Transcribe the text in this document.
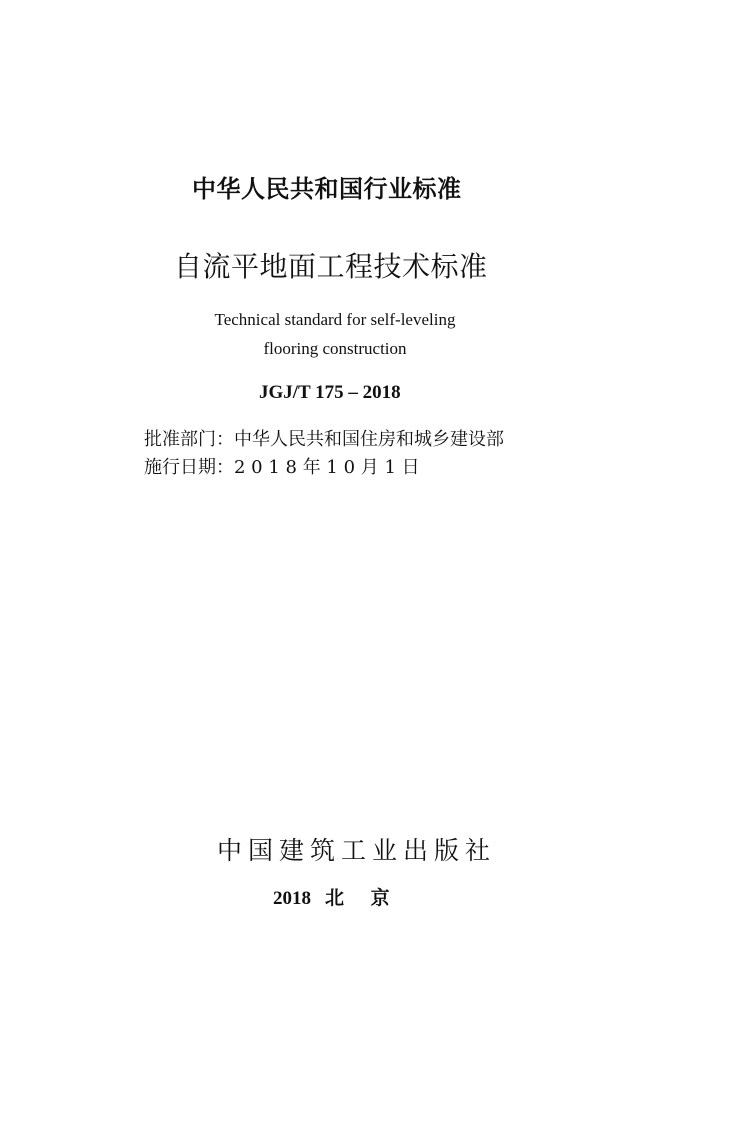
中华人民共和国行业标准
自流平地面工程技术标准
Technical standard for self-leveling
flooring construction
JGJ/T 175 – 2018
批准部门： 中华人民共和国住房和城乡建设部
施行日期： 2 0 1 8 年 1 0 月 1 日
中国建筑工业出版社
2018 北 京
